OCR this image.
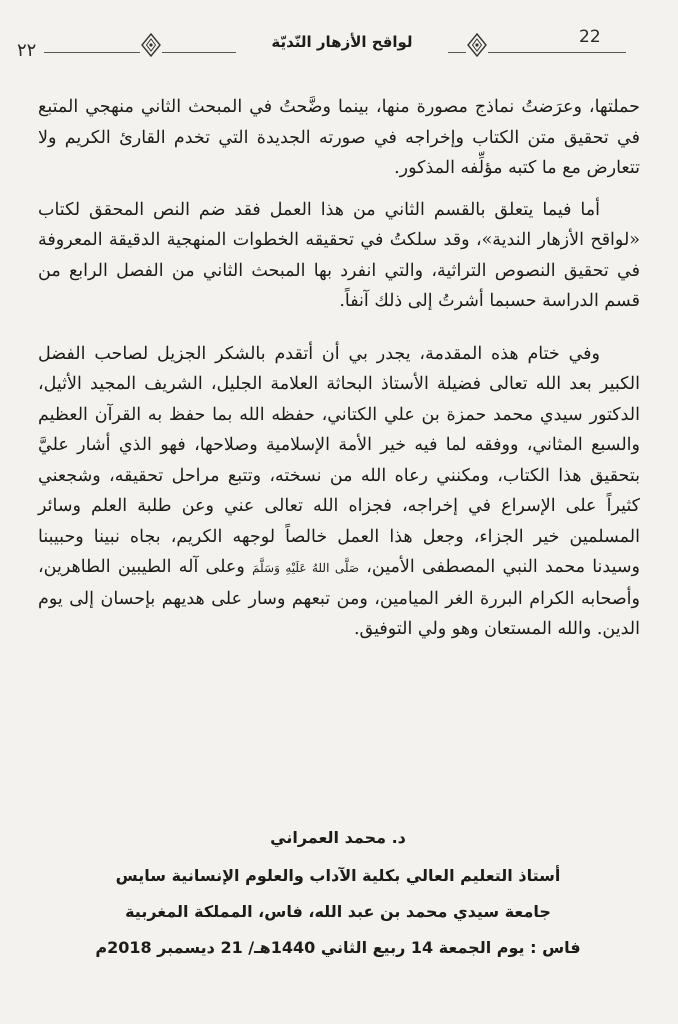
22
٢٢	لواقح الأزهار النّديّة

حملتها، وعرَضتُ نماذج مصورة منها، بينما وضَّحتُ في المبحث الثاني منهجي المتبع في تحقيق متن الكتاب وإخراجه في صورته الجديدة التي تخدم القارئ الكريم ولا تتعارض مع ما كتبه مؤلِّفه المذكور.

أما فيما يتعلق بالقسم الثاني من هذا العمل فقد ضم النص المحقق لكتاب «لواقح الأزهار الندية»، وقد سلكتُ في تحقيقه الخطوات المنهجية الدقيقة المعروفة في تحقيق النصوص التراثية، والتي انفرد بها المبحث الثاني من الفصل الرابع من قسم الدراسة حسبما أشرتُ إلى ذلك آنفاً.

وفي ختام هذه المقدمة، يجدر بي أن أتقدم بالشكر الجزيل لصاحب الفضل الكبير بعد الله تعالى فضيلة الأستاذ البحاثة العلامة الجليل، الشريف المجيد الأثيل، الدكتور سيدي محمد حمزة بن علي الكتاني، حفظه الله بما حفظ به القرآن العظيم والسبع المثاني، ووفقه لما فيه خير الأمة الإسلامية وصلاحها، فهو الذي أشار عليَّ بتحقيق هذا الكتاب، ومكنني رعاه الله من نسخته، وتتبع مراحل تحقيقه، وشجعني كثيراً على الإسراع في إخراجه، فجزاه الله تعالى عني وعن طلبة العلم وسائر المسلمين خير الجزاء، وجعل هذا العمل خالصاً لوجهه الكريم، بجاه نبينا وحبيبنا وسيدنا محمد النبي المصطفى الأمين، صَلَّى اللهُ عَلَيْهِ وَسَلَّمَ وعلى آله الطيبين الطاهرين، وأصحابه الكرام البررة الغر الميامين، ومن تبعهم وسار على هديهم بإحسان إلى يوم الدين. والله المستعان وهو ولي التوفيق.

د. محمد العمراني

أستاذ التعليم العالي بكلية الآداب والعلوم الإنسانية سايس

جامعة سيدي محمد بن عبد الله، فاس، المملكة المغربية

فاس : يوم الجمعة 14 ربيع الثاني 1440هـ/ 21 ديسمبر 2018م
